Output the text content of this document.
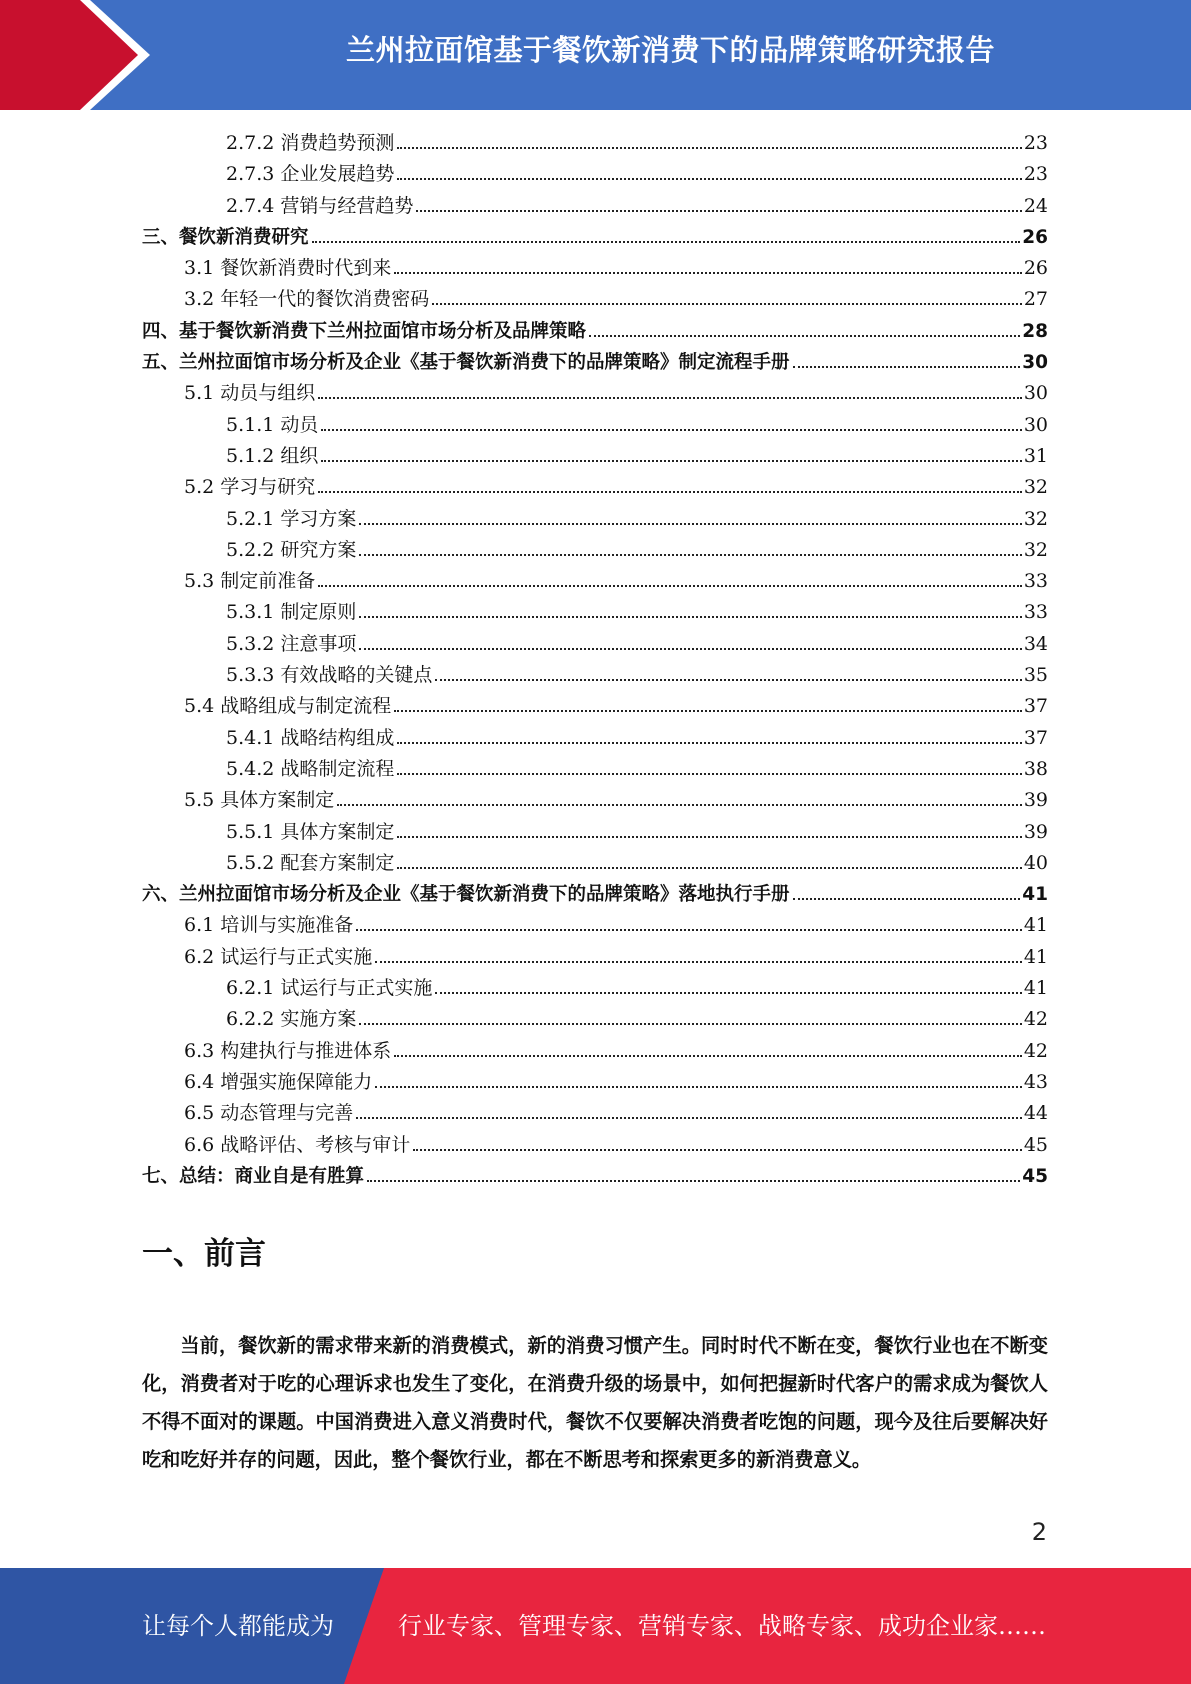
兰州拉面馆基于餐饮新消费下的品牌策略研究报告
2.7.2 消费趋势预测	23
2.7.3 企业发展趋势	23
2.7.4 营销与经营趋势	24
三、餐饮新消费研究	26
3.1 餐饮新消费时代到来	26
3.2 年轻一代的餐饮消费密码	27
四、基于餐饮新消费下兰州拉面馆市场分析及品牌策略	28
五、兰州拉面馆市场分析及企业《基于餐饮新消费下的品牌策略》制定流程手册	30
5.1 动员与组织	30
5.1.1 动员	30
5.1.2 组织	31
5.2 学习与研究	32
5.2.1 学习方案	32
5.2.2 研究方案	32
5.3 制定前准备	33
5.3.1 制定原则	33
5.3.2 注意事项	34
5.3.3 有效战略的关键点	35
5.4 战略组成与制定流程	37
5.4.1 战略结构组成	37
5.4.2 战略制定流程	38
5.5 具体方案制定	39
5.5.1 具体方案制定	39
5.5.2 配套方案制定	40
六、兰州拉面馆市场分析及企业《基于餐饮新消费下的品牌策略》落地执行手册	41
6.1 培训与实施准备	41
6.2 试运行与正式实施	41
6.2.1 试运行与正式实施	41
6.2.2 实施方案	42
6.3 构建执行与推进体系	42
6.4 增强实施保障能力	43
6.5 动态管理与完善	44
6.6 战略评估、考核与审计	45
七、总结：商业自是有胜算	45
一、前言
当前，餐饮新的需求带来新的消费模式，新的消费习惯产生。同时时代不断在变，餐饮行业也在不断变化，消费者对于吃的心理诉求也发生了变化，在消费升级的场景中，如何把握新时代客户的需求成为餐饮人不得不面对的课题。中国消费进入意义消费时代，餐饮不仅要解决消费者吃饱的问题，现今及往后要解决好吃和吃好并存的问题，因此，整个餐饮行业，都在不断思考和探索更多的新消费意义。
2
让每个人都能成为	行业专家、管理专家、营销专家、战略专家、成功企业家……
